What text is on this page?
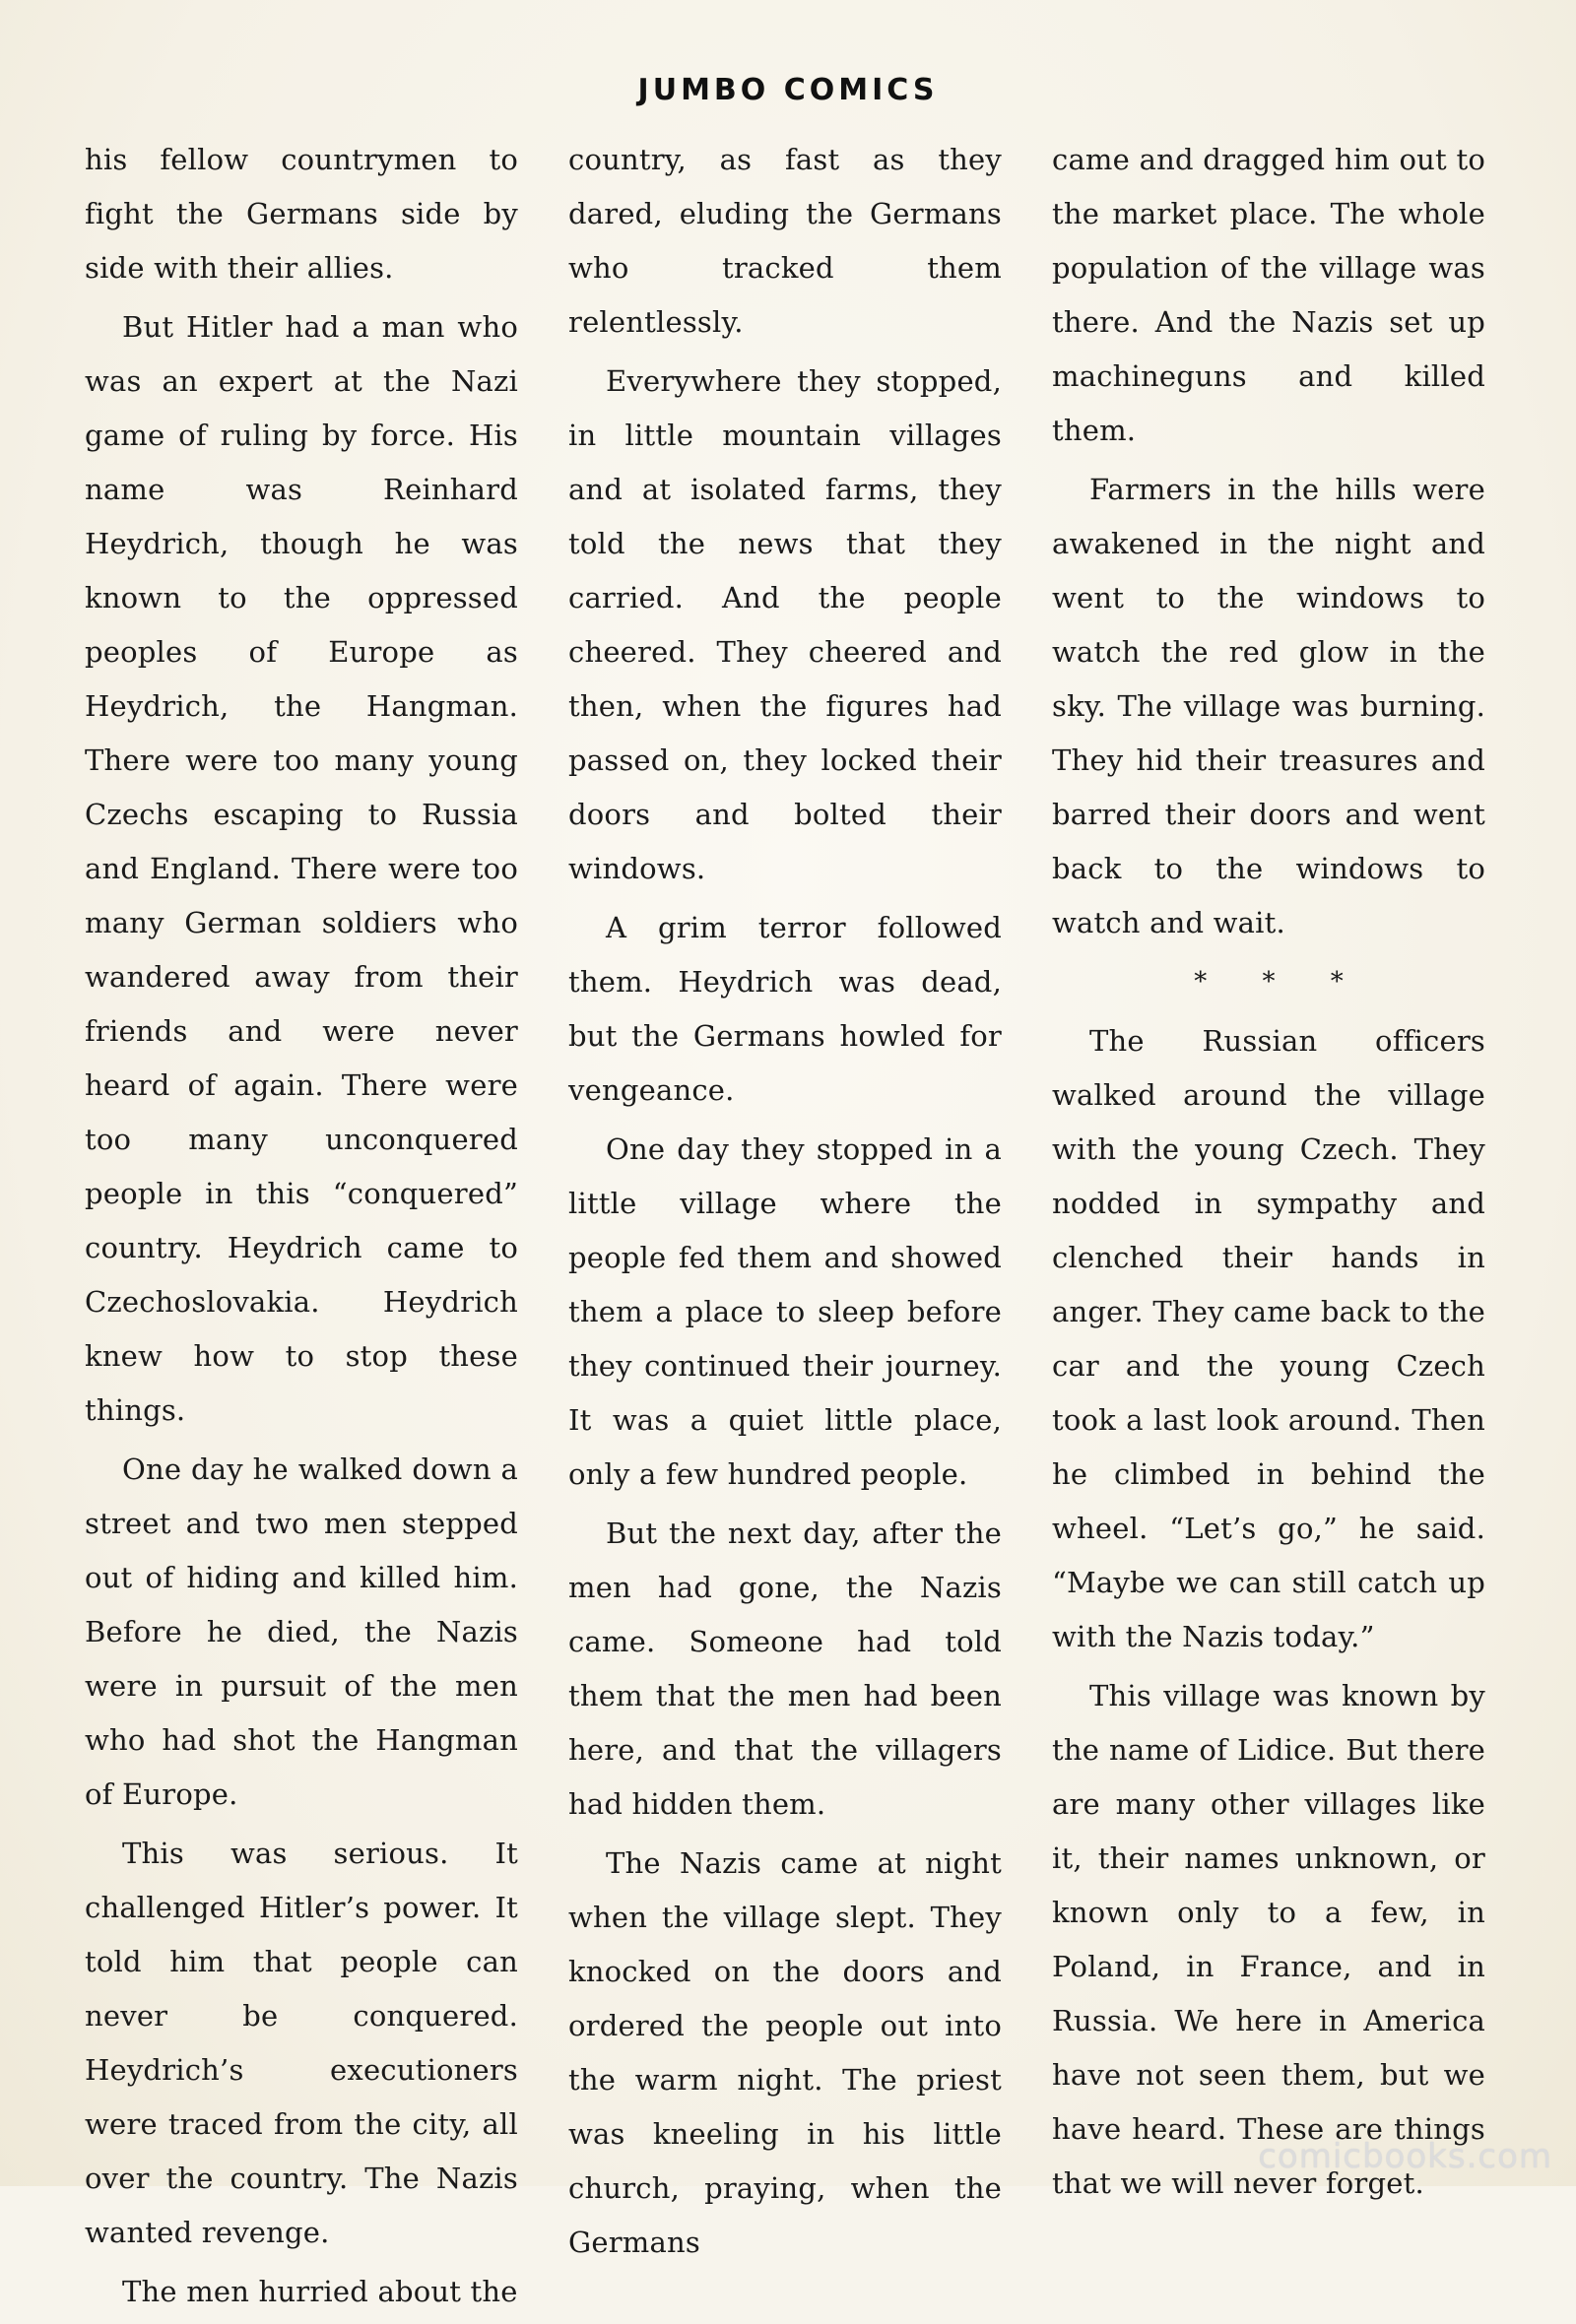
JUMBO COMICS

his fellow countrymen to fight the Germans side by side with their allies.

But Hitler had a man who was an expert at the Nazi game of ruling by force. His name was Reinhard Heydrich, though he was known to the oppressed peoples of Europe as Heydrich, the Hangman. There were too many young Czechs escaping to Russia and England. There were too many German soldiers who wandered away from their friends and were never heard of again. There were too many unconquered people in this “conquered” country. Heydrich came to Czechoslovakia. Heydrich knew how to stop these things.

One day he walked down a street and two men stepped out of hiding and killed him. Before he died, the Nazis were in pursuit of the men who had shot the Hangman of Europe.

This was serious. It challenged Hitler’s power. It told him that people can never be conquered. Heydrich’s executioners were traced from the city, all over the country. The Nazis wanted revenge.

The men hurried about the

country, as fast as they dared, eluding the Germans who tracked them relentlessly.

Everywhere they stopped, in little mountain villages and at isolated farms, they told the news that they carried. And the people cheered. They cheered and then, when the figures had passed on, they locked their doors and bolted their windows.

A grim terror followed them. Heydrich was dead, but the Germans howled for vengeance.

One day they stopped in a little village where the people fed them and showed them a place to sleep before they continued their journey. It was a quiet little place, only a few hundred people.

But the next day, after the men had gone, the Nazis came. Someone had told them that the men had been here, and that the villagers had hidden them.

The Nazis came at night when the village slept. They knocked on the doors and ordered the people out into the warm night. The priest was kneeling in his little church, praying, when the Germans

came and dragged him out to the market place. The whole population of the village was there. And the Nazis set up machineguns and killed them.

Farmers in the hills were awakened in the night and went to the windows to watch the red glow in the sky. The village was burning. They hid their treasures and barred their doors and went back to the windows to watch and wait.

* * *

The Russian officers walked around the village with the young Czech. They nodded in sympathy and clenched their hands in anger. They came back to the car and the young Czech took a last look around. Then he climbed in behind the wheel. “Let’s go,” he said. “Maybe we can still catch up with the Nazis today.”

This village was known by the name of Lidice. But there are many other villages like it, their names unknown, or known only to a few, in Poland, in France, and in Russia. We here in America have not seen them, but we have heard. These are things that we will never forget.

comicbooks.com
